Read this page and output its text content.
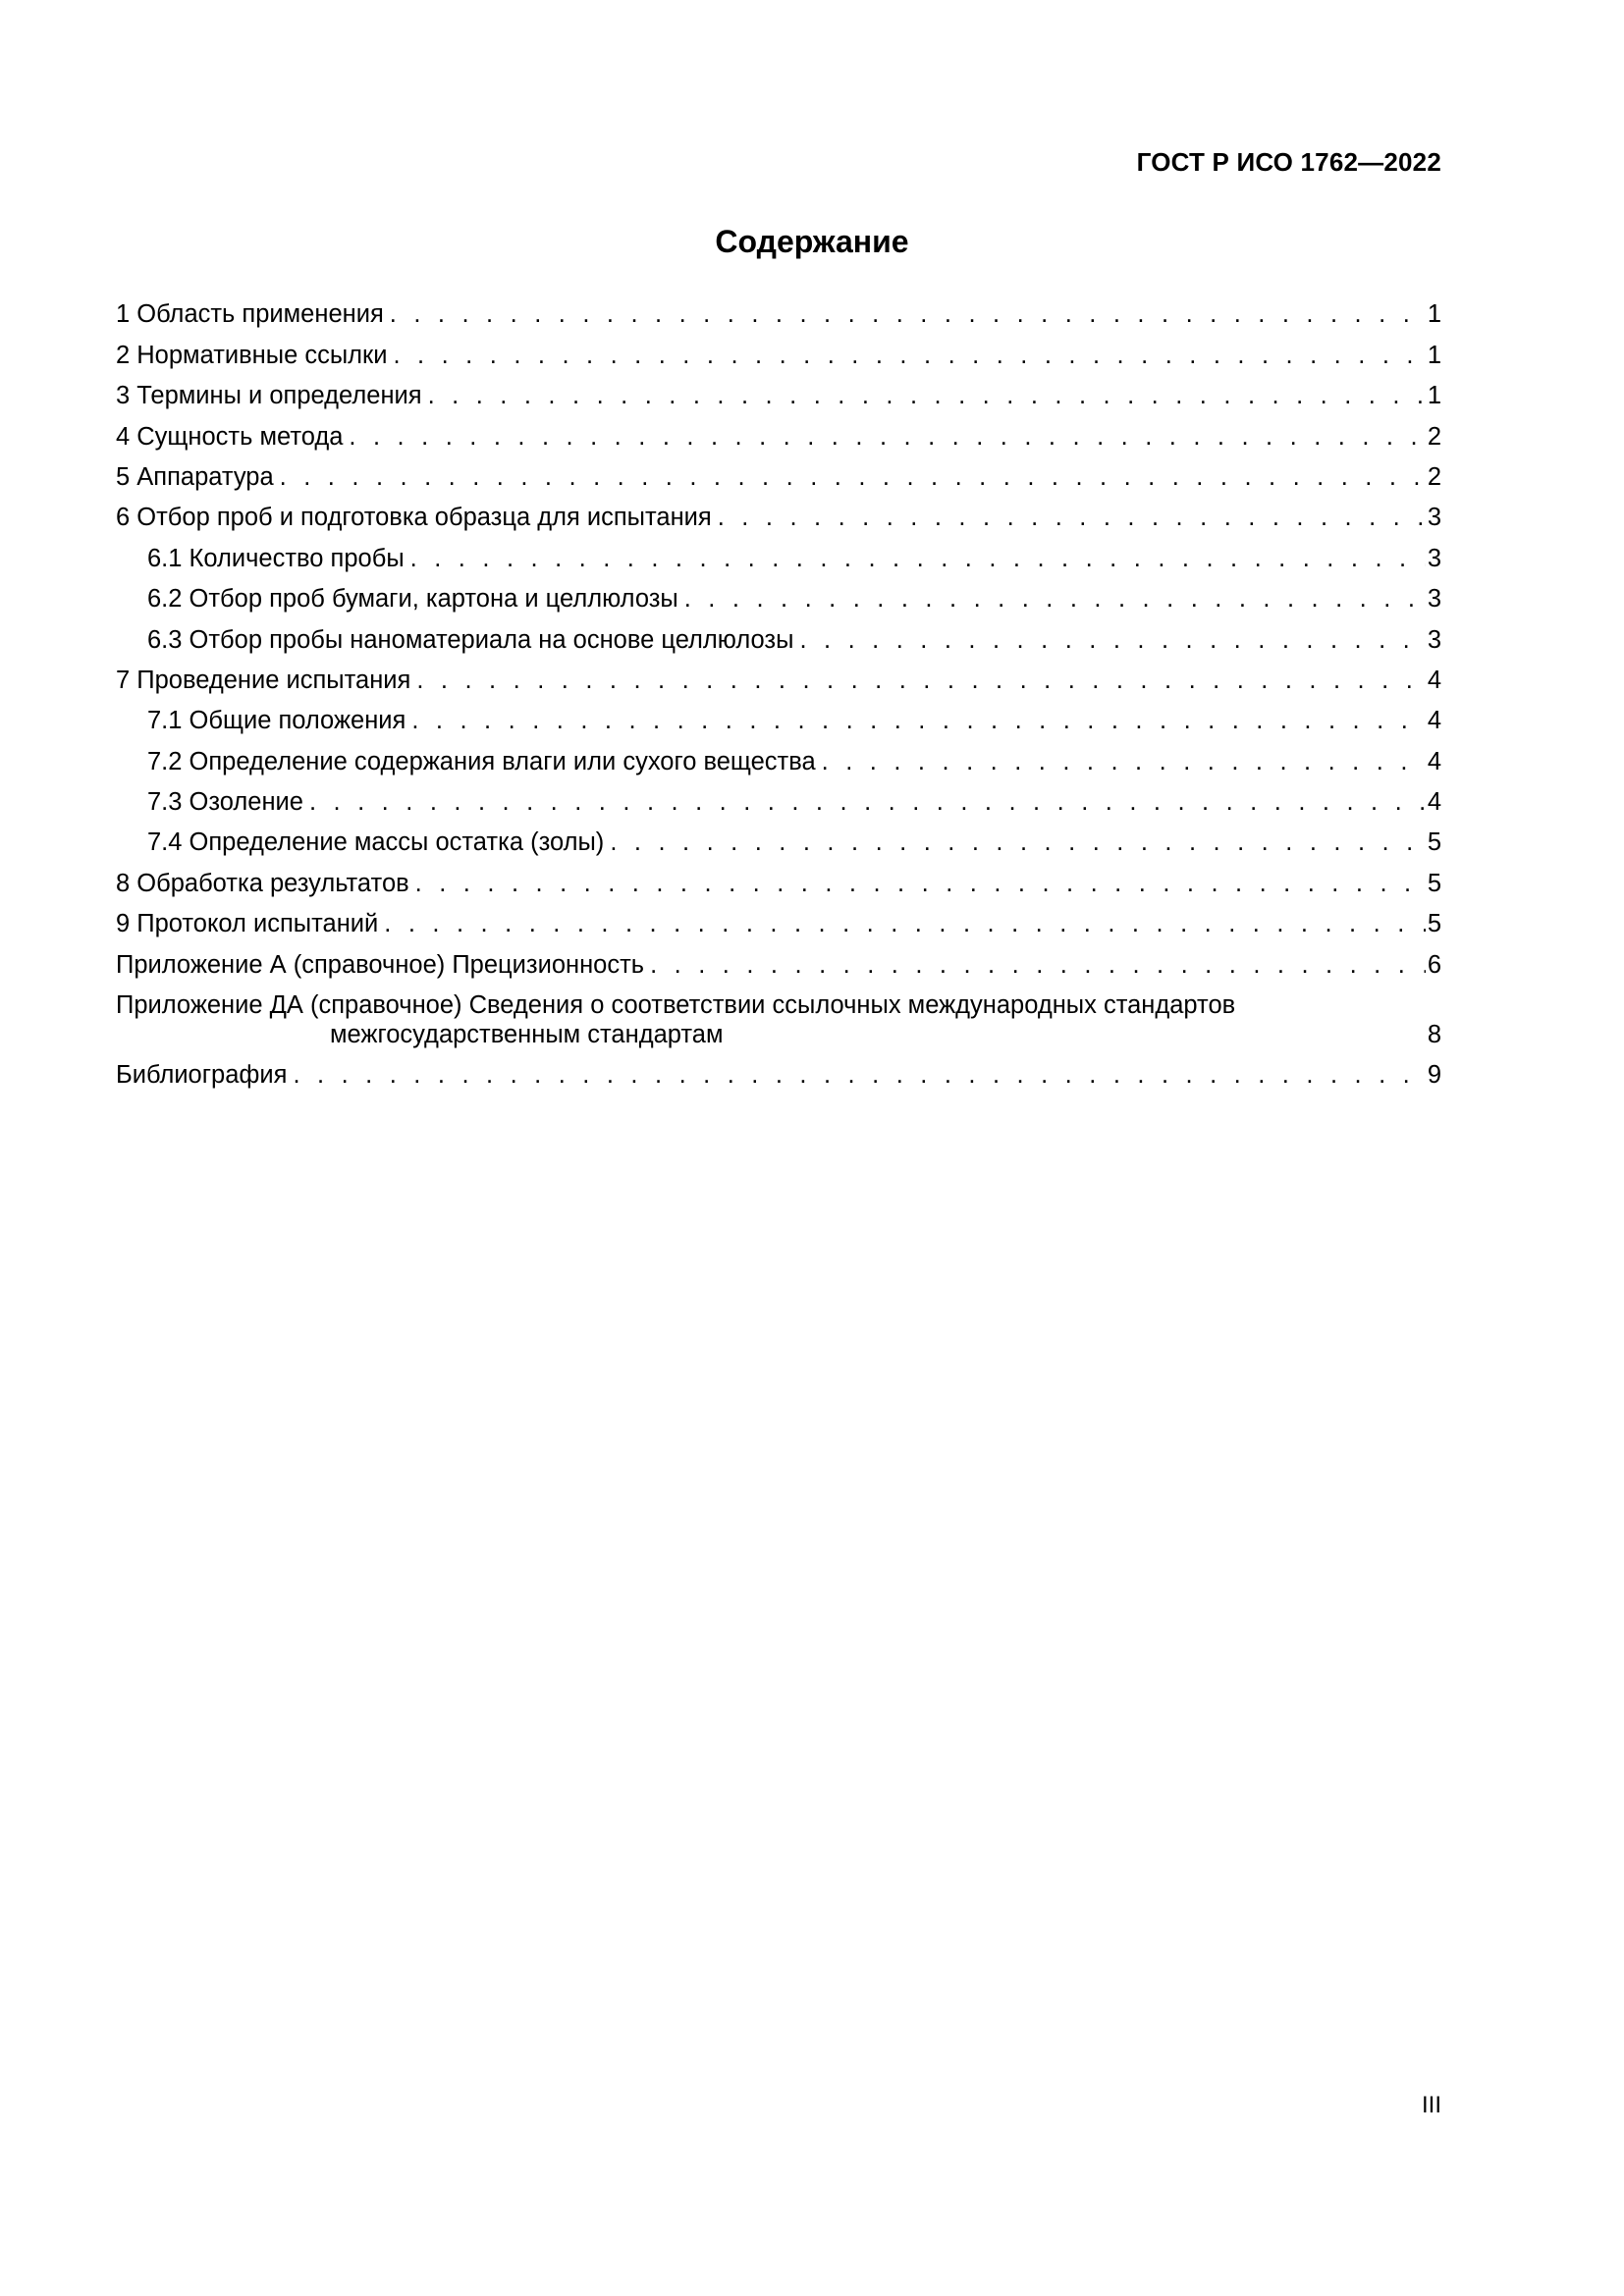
ГОСТ Р ИСО 1762—2022
Содержание
1 Область применения . . .	1
2 Нормативные ссылки . . .	1
3 Термины и определения . . .	1
4 Сущность метода . . .	2
5 Аппаратура . . .	2
6 Отбор проб и подготовка образца для испытания . . .	3
6.1 Количество пробы . . .	3
6.2 Отбор проб бумаги, картона и целлюлозы . . .	3
6.3 Отбор пробы наноматериала на основе целлюлозы . . .	3
7 Проведение испытания . . .	4
7.1 Общие положения . . .	4
7.2 Определение содержания влаги или сухого вещества . . .	4
7.3 Озоление . . .	4
7.4 Определение массы остатка (золы) . . .	5
8 Обработка результатов . . .	5
9 Протокол испытаний . . .	5
Приложение А (справочное) Прецизионность . . .	6
Приложение ДА (справочное) Сведения о соответствии ссылочных международных стандартов
межгосударственным стандартам	8
Библиография . . .	9
III
